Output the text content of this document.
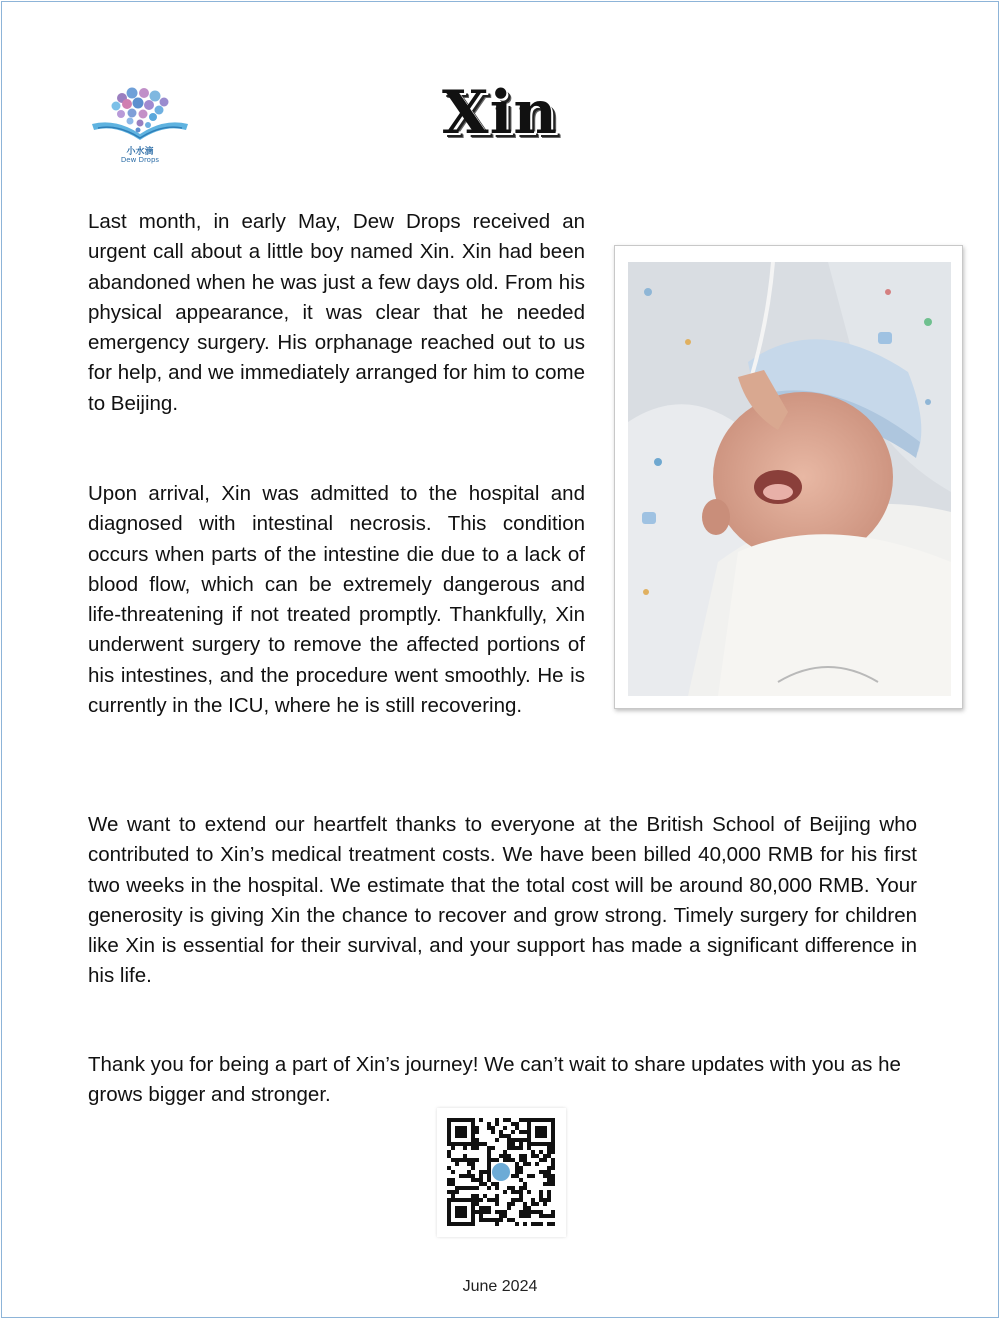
小水滴
Dew Drops
Xin

Last month, in early May, Dew Drops received an urgent call about a little boy named Xin. Xin had been abandoned when he was just a few days old. From his physical appearance, it was clear that he needed emergency surgery. His orphanage reached out to us for help, and we immediately arranged for him to come to Beijing.

Upon arrival, Xin was admitted to the hospital and diagnosed with intestinal necrosis. This condition occurs when parts of the intestine die due to a lack of blood flow, which can be extremely dangerous and life-threatening if not treated promptly. Thankfully, Xin underwent surgery to remove the affected portions of his intestines, and the procedure went smoothly. He is currently in the ICU, where he is still recovering.

We want to extend our heartfelt thanks to everyone at the British School of Beijing who contributed to Xin’s medical treatment costs. We have been billed 40,000 RMB for his first two weeks in the hospital. We estimate that the total cost will be around 80,000 RMB. Your generosity is giving Xin the chance to recover and grow strong. Timely surgery for children like Xin is essential for their survival, and your support has made a significant difference in his life.

Thank you for being a part of Xin’s journey! We can’t wait to share updates with you as he grows bigger and stronger.

June 2024
